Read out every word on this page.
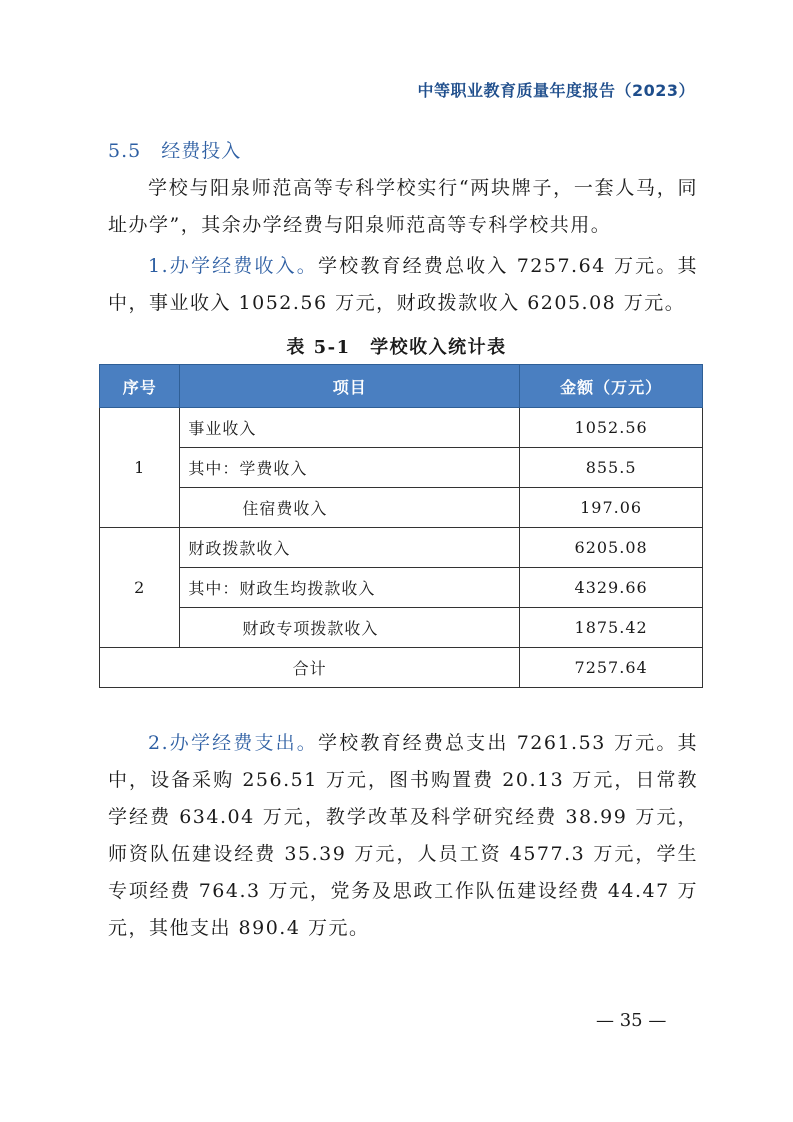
中等职业教育质量年度报告（2023）
5.5　经费投入

学校与阳泉师范高等专科学校实行“两块牌子，一套人马，同址办学”，其余办学经费与阳泉师范高等专科学校共用。

1.办学经费收入。学校教育经费总收入 7257.64 万元。其中，事业收入 1052.56 万元，财政拨款收入 6205.08 万元。

表 5-1　学校收入统计表
序号	项目	金额（万元）
1	事业收入	1052.56
	其中：学费收入	855.5
	住宿费收入	197.06
2	财政拨款收入	6205.08
	其中：财政生均拨款收入	4329.66
	财政专项拨款收入	1875.42
合计		7257.64

2.办学经费支出。学校教育经费总支出 7261.53 万元。其中，设备采购 256.51 万元，图书购置费 20.13 万元，日常教学经费 634.04 万元，教学改革及科学研究经费 38.99 万元，师资队伍建设经费 35.39 万元，人员工资 4577.3 万元，学生专项经费 764.3 万元，党务及思政工作队伍建设经费 44.47 万元，其他支出 890.4 万元。

— 35 —
